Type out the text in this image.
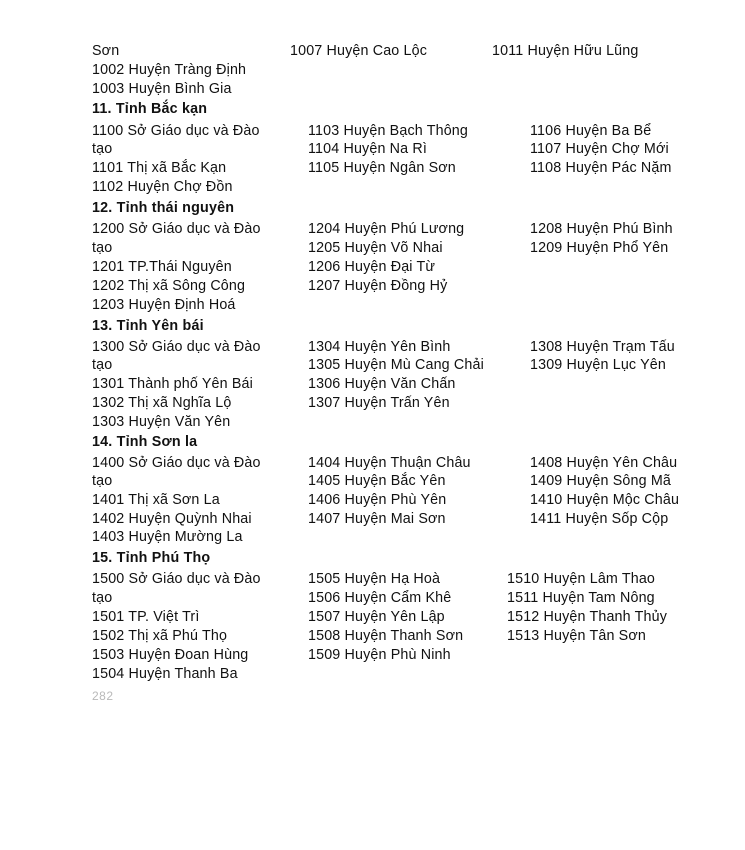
Sơn	1007 Huyện Cao Lộc	1011 Huyện Hữu Lũng
1002 Huyện Tràng Định
1003 Huyện Bình Gia
11. Tỉnh Bắc kạn
1100 Sở Giáo dục và Đào
tạo
1101 Thị xã Bắc Kạn
1102 Huyện Chợ Đồn
1103 Huyện Bạch Thông
1104 Huyện Na Rì
1105 Huyện Ngân Sơn
1106 Huyện Ba Bể
1107 Huyện Chợ Mới
1108 Huyện Pác Nặm
12. Tỉnh thái nguyên
1200 Sở Giáo dục và Đào
tạo
1201 TP.Thái Nguyên
1202 Thị xã Sông Công
1203 Huyện Định Hoá
1204 Huyện Phú Lương
1205 Huyện Võ Nhai
1206 Huyện Đại Từ
1207 Huyện Đồng Hỷ
1208 Huyện Phú Bình
1209 Huyện Phổ Yên
13. Tỉnh Yên bái
1300 Sở Giáo dục và Đào
tạo
1301 Thành phố Yên Bái
1302 Thị xã Nghĩa Lộ
1303 Huyện Văn Yên
1304 Huyện Yên Bình
1305 Huyện Mù Cang Chải
1306 Huyện Văn Chấn
1307 Huyện Trấn Yên
1308 Huyện Trạm Tấu
1309 Huyện Lục Yên
14. Tỉnh Sơn la
1400 Sở Giáo dục và Đào
tạo
1401 Thị xã Sơn La
1402 Huyện Quỳnh Nhai
1403 Huyện Mường La
1404 Huyện Thuận Châu
1405 Huyện Bắc Yên
1406 Huyện Phù Yên
1407 Huyện Mai Sơn
1408 Huyện Yên Châu
1409 Huyện Sông Mã
1410 Huyện Mộc Châu
1411 Huyện Sốp Cộp
15. Tỉnh Phú Thọ
1500 Sở Giáo dục và Đào
tạo
1501 TP. Việt Trì
1502 Thị xã Phú Thọ
1503 Huyện Đoan Hùng
1504 Huyện Thanh Ba
1505 Huyện Hạ Hoà
1506 Huyện Cẩm Khê
1507 Huyện Yên Lập
1508 Huyện Thanh Sơn
1509 Huyện Phù Ninh
1510 Huyện Lâm Thao
1511 Huyện Tam Nông
1512 Huyện Thanh Thủy
1513 Huyện Tân Sơn
282
